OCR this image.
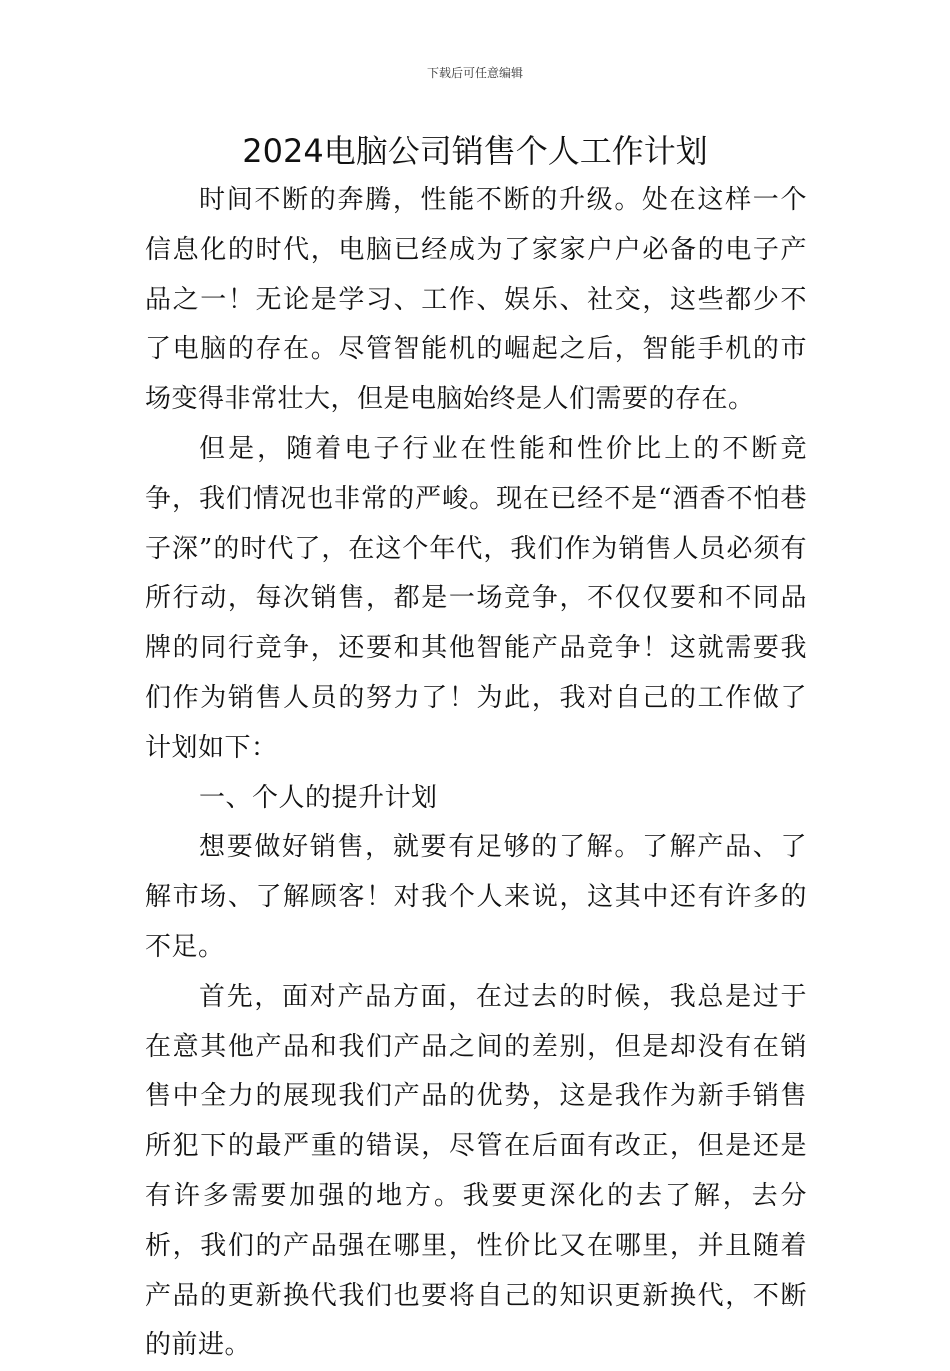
下载后可任意编辑
2024电脑公司销售个人工作计划

时间不断的奔腾，性能不断的升级。处在这样一个信息化的时代，电脑已经成为了家家户户必备的电子产品之一！无论是学习、工作、娱乐、社交，这些都少不了电脑的存在。尽管智能机的崛起之后，智能手机的市场变得非常壮大，但是电脑始终是人们需要的存在。

但是，随着电子行业在性能和性价比上的不断竞争，我们情况也非常的严峻。现在已经不是“酒香不怕巷子深”的时代了，在这个年代，我们作为销售人员必须有所行动，每次销售，都是一场竞争，不仅仅要和不同品牌的同行竞争，还要和其他智能产品竞争！这就需要我们作为销售人员的努力了！为此，我对自己的工作做了计划如下：

一、个人的提升计划

想要做好销售，就要有足够的了解。了解产品、了解市场、了解顾客！对我个人来说，这其中还有许多的不足。

首先，面对产品方面，在过去的时候，我总是过于在意其他产品和我们产品之间的差别，但是却没有在销售中全力的展现我们产品的优势，这是我作为新手销售所犯下的最严重的错误，尽管在后面有改正，但是还是有许多需要加强的地方。我要更深化的去了解，去分析，我们的产品强在哪里，性价比又在哪里，并且随着产品的更新换代我们也要将自己的知识更新换代，不断的前进。
